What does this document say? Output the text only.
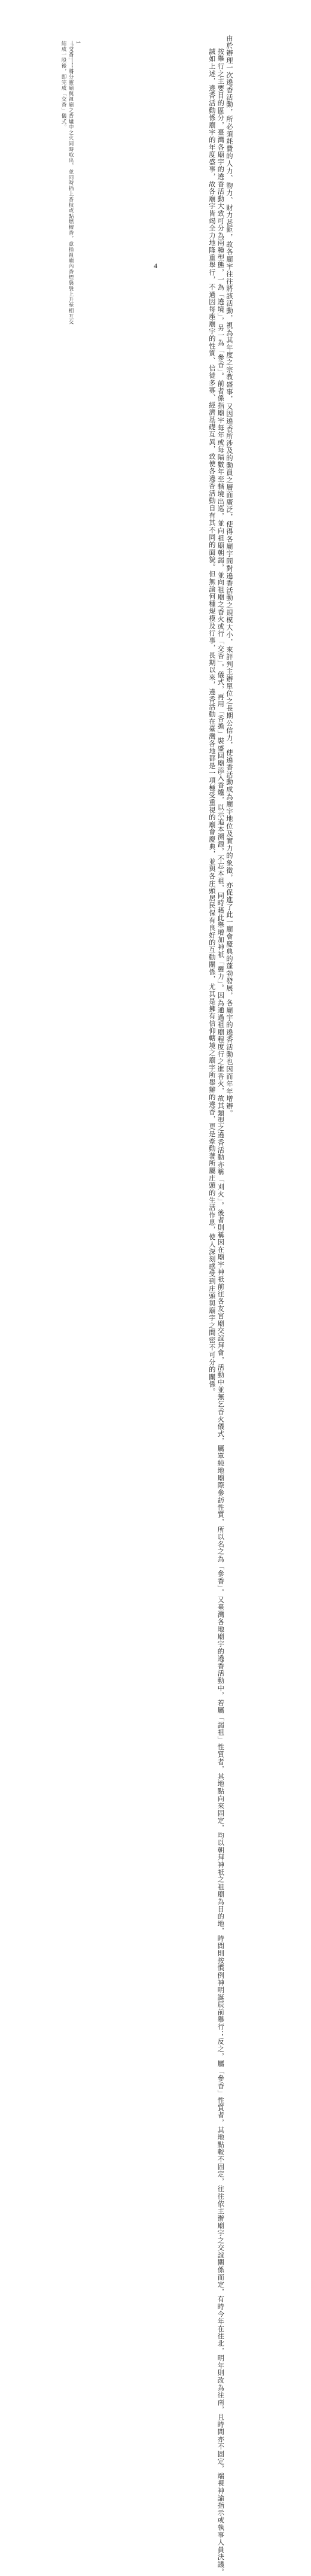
由於辦理一次遶香活動，所必須耗費的人力、物力、財力甚鉅，故各廟宇往往將該活動，視為其年度之宗教盛事，又因遶香所涉及的動員之層面廣泛，使得各廟宇間對遶香活動之規模大小，來評判主辦單位之長期公信力，使遶香活動成為廟宇地位及實力的象徵，亦促進了此一廟會慶典的蓬勃發展，各廟宇的遶香活動也因而年年增辦。

按舉行之主要目的區分，臺灣各廟宇的遶香活動大致可分為兩種型態，一為「遶境」，另一為「參香」。前者係指廟宇每年或每隔數年至轄境出巡，並向祖廟朝謁，並向祖廟之香火或行「交香」。儀式，再用「香擔」裝盛回廟添入香爐，以示追本溯源，不忘本祖，同時藉此舉增加神祇「靈力」。因為通過祖廟程度行之進香火，故其類型之遶香活動亦稱「刈火」。後者則稱因在廟宇神祇前往各友宮廟交誼拜會，活動中並無乞香火儀式，屬單純地廟際參訪性質，所以名之為「參香」。又臺灣各地廟宇的遶香活動中，若屬「謁祖」性質者，其地點向來固定，均以朝拜神祇之祖廟為目的地，時間則按慣例神明誕辰前舉行；反之，屬「參香」性質者，其地點較不固定，往往依主辦廟宇之交誼關係而定，有時今年在往北，明年則改為往南，且時間亦不固定，端視神諭指示或執事人員決議。

誠如上述，遶香活動係廟宇的年度盛事，故各廟宇皆竭全力地隆重舉行，不過因每座廟宇的性質、信徒多寡、經濟基礎互異，致使各遶香活動自有其不同的面貌。但無論何種規模及行事，長期以來，遶香活動在臺灣各地都是一項極受重視的廟會慶典，並與各庄頭居民保有良好的互動關係，尤其是擁有信仰轄境之廟宇所舉辦的遶香，更是牽動著所屬庄頭的生活作息，使人深刻感受到庄頭與廟宇之間密不可分的關係。

1
「交香」：將分靈廟與祖廟之香爐中之火同時取出，並同時插上香枝或點燃檀香，意指祖廟內香煙裊裊上升至相互交
結成一股後，即完成「交香」儀式。
4
